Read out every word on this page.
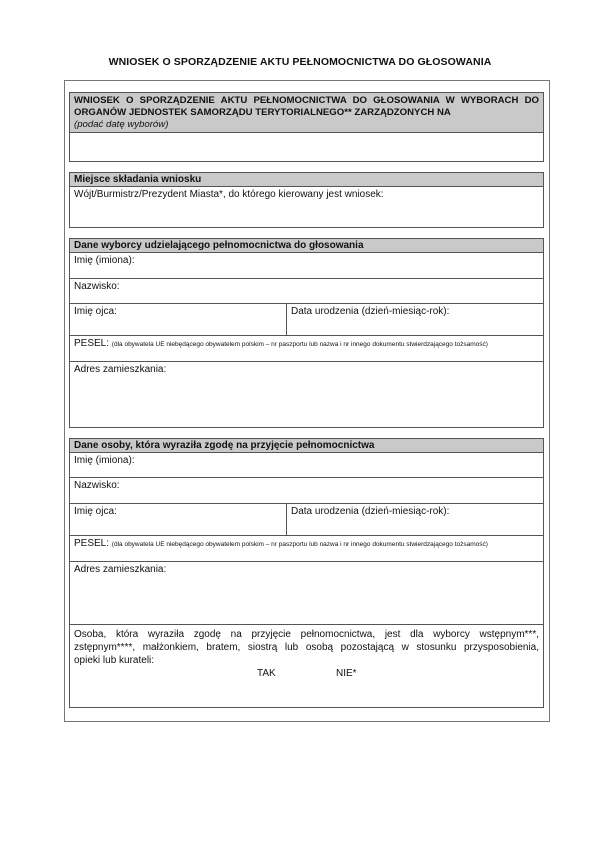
WNIOSEK O SPORZĄDZENIE AKTU PEŁNOMOCNICTWA DO GŁOSOWANIA
WNIOSEK O SPORZĄDZENIE AKTU PEŁNOMOCNICTWA DO GŁOSOWANIA W WYBORACH DO
ORGANÓW JEDNOSTEK SAMORZĄDU TERYTORIALNEGO** ZARZĄDZONYCH NA
(podać datę wyborów)
Miejsce składania wniosku
Wójt/Burmistrz/Prezydent Miasta*, do którego kierowany jest wniosek:
Dane wyborcy udzielającego pełnomocnictwa do głosowania
Imię (imiona):
Nazwisko:
Imię ojca:	Data urodzenia (dzień-miesiąc-rok):
PESEL: (dla obywatela UE niebędącego obywatelem polskim – nr paszportu lub nazwa i nr innego dokumentu stwierdzającego tożsamość)
Adres zamieszkania:
Dane osoby, która wyraziła zgodę na przyjęcie pełnomocnictwa
Imię (imiona):
Nazwisko:
Imię ojca:	Data urodzenia (dzień-miesiąc-rok):
PESEL: (dla obywatela UE niebędącego obywatelem polskim – nr paszportu lub nazwa i nr innego dokumentu stwierdzającego tożsamość)
Adres zamieszkania:
Osoba, która wyraziła zgodę na przyjęcie pełnomocnictwa, jest dla wyborcy wstępnym***,
zstępnym****, małżonkiem, bratem, siostrą lub osobą pozostającą w stosunku przysposobienia,
opieki lub kurateli:
TAK	NIE*
